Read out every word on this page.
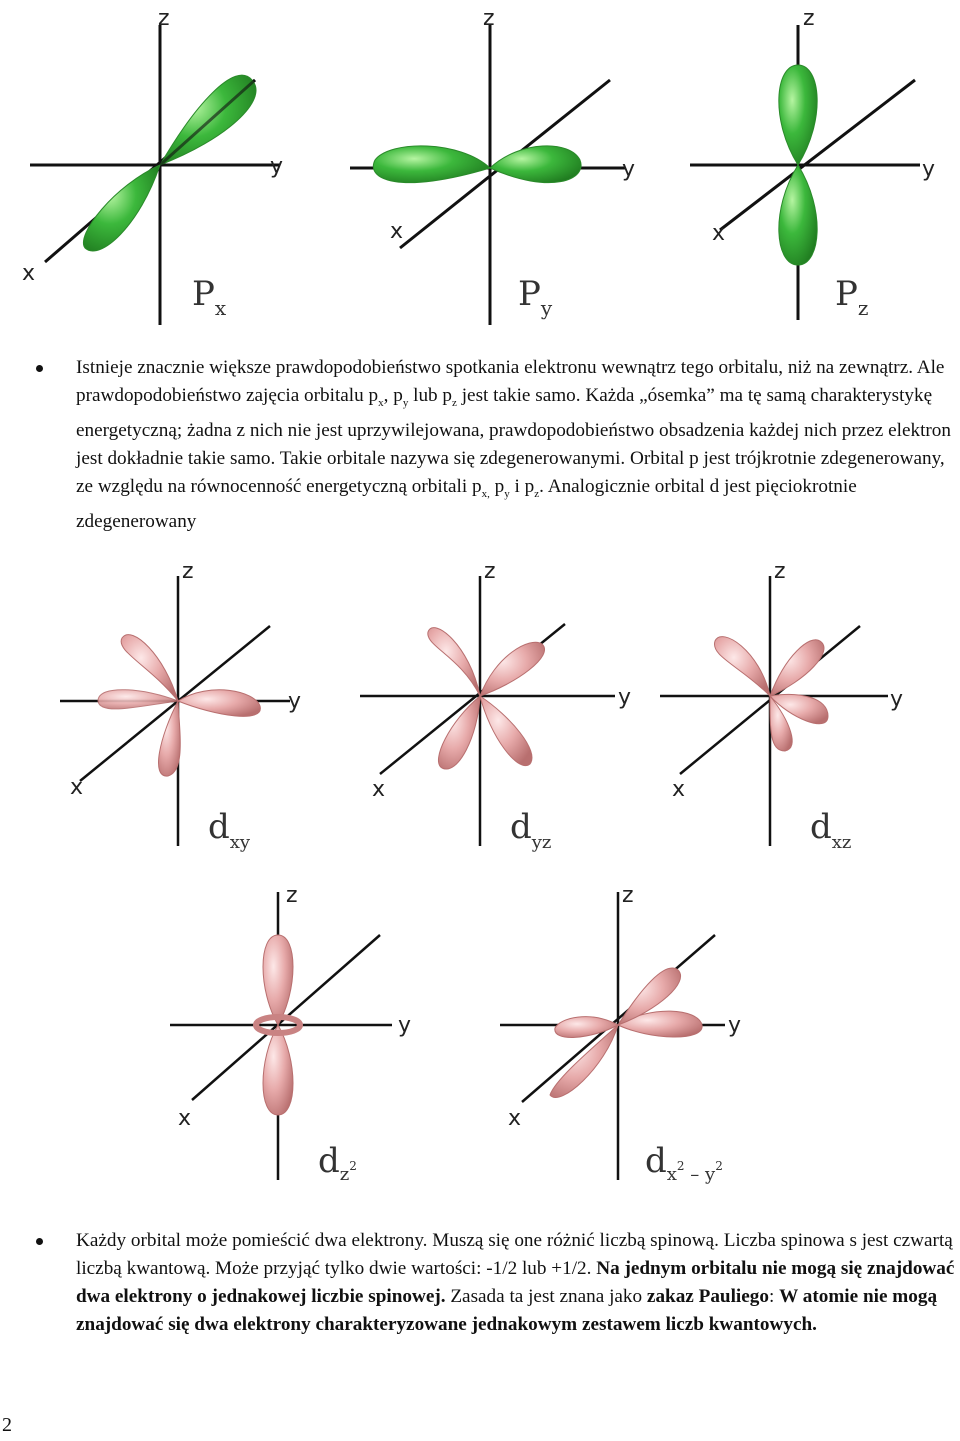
z
y
x
$P_x$
z
y
x
$P_y$
z
y
x
$P_z$
Istnieje znacznie większe prawdopodobieństwo spotkania elektronu wewnątrz tego orbitalu, niż na zewnątrz. Ale prawdopodobieństwo zajęcia orbitalu $p_x$, $p_y$ lub $p_z$ jest takie samo. Każda „ósemka” ma tę samą charakterystykę energetyczną; żadna z nich nie jest uprzywilejowana, prawdopodobieństwo obsadzenia każdej nich przez elektron jest dokładnie takie samo. Takie orbitale nazywa się zdegenerowanymi. Orbital p jest trójkrotnie zdegenerowany, ze względu na równocenność energetyczną orbitali $p_{x,}$ $p_y$ i $p_z$. Analogicznie orbital d jest pięciokrotnie zdegenerowany
z
y
x
$d_{xy}$
z
y
x
$d_{yz}$
z
y
x
$d_{xz}$
z
y
x
$d_z^2$
z
y
x
$d_x^2$ $_{- y}^2$
Każdy orbital może pomieścić dwa elektrony. Muszą się one różnić liczbą spinową. Liczba spinowa s jest czwartą liczbą kwantową. Może przyjąć tylko dwie wartości: -1/2 lub +1/2. Na jednym orbitalu nie mogą się znajdować dwa elektrony o jednakowej liczbie spinowej. Zasada ta jest znana jako zakaz Pauliego: W atomie nie mogą znajdować się dwa elektrony charakteryzowane jednakowym zestawem liczb kwantowych.
2
